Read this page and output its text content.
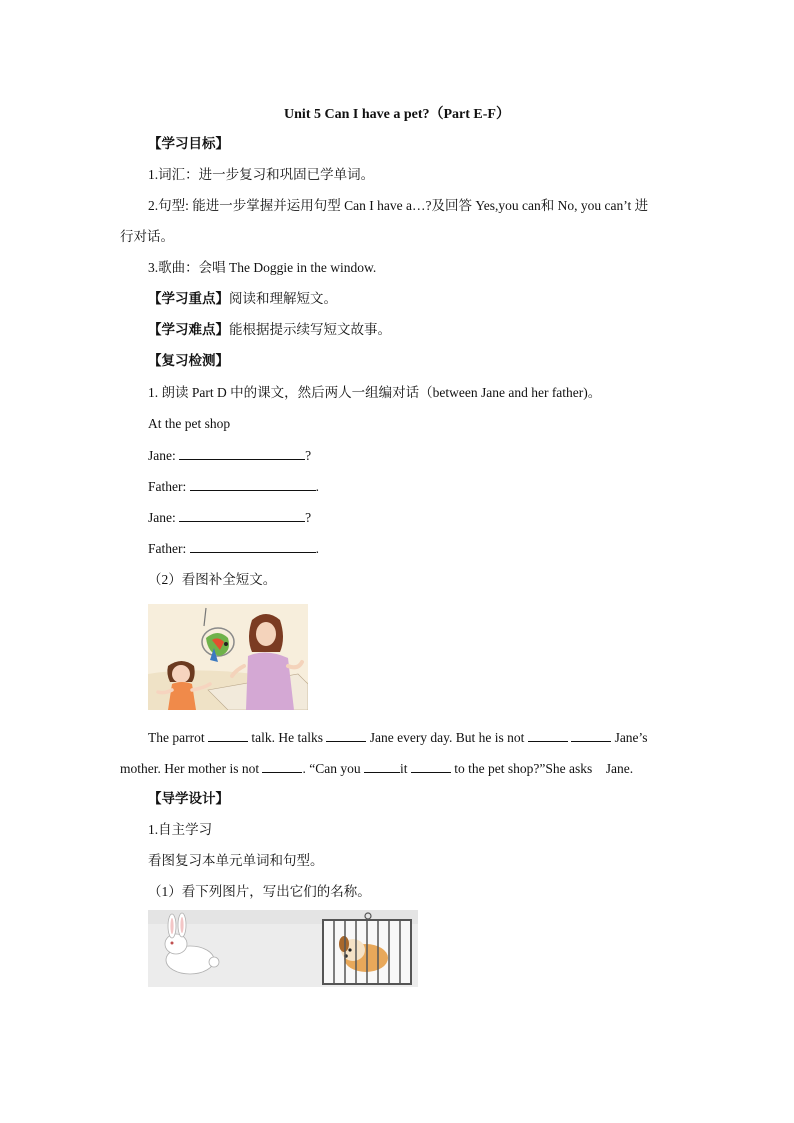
Unit 5 Can I have a pet?（Part E-F）
【学习目标】
1.词汇：进一步复习和巩固已学单词。
2.句型: 能进一步掌握并运用句型 Can I have a…?及回答 Yes,you can和 No, you can’t 进
行对话。
3.歌曲：会唱 The Doggie in the window.
【学习重点】阅读和理解短文。
【学习难点】能根据提示续写短文故事。
【复习检测】
1. 朗读 Part D 中的课文，然后两人一组编对话（between Jane and her father)。
At the pet shop
Jane:	?
Father:	.
Jane:	?
Father:	.
（2）看图补全短文。
The parrot	talk. He talks	Jane every day. But he is not	Jane’s
mother. Her mother is not	. “Can you	it	to the pet shop?”She asks　Jane.
【导学设计】
1.自主学习
看图复习本单元单词和句型。
（1）看下列图片，写出它们的名称。
